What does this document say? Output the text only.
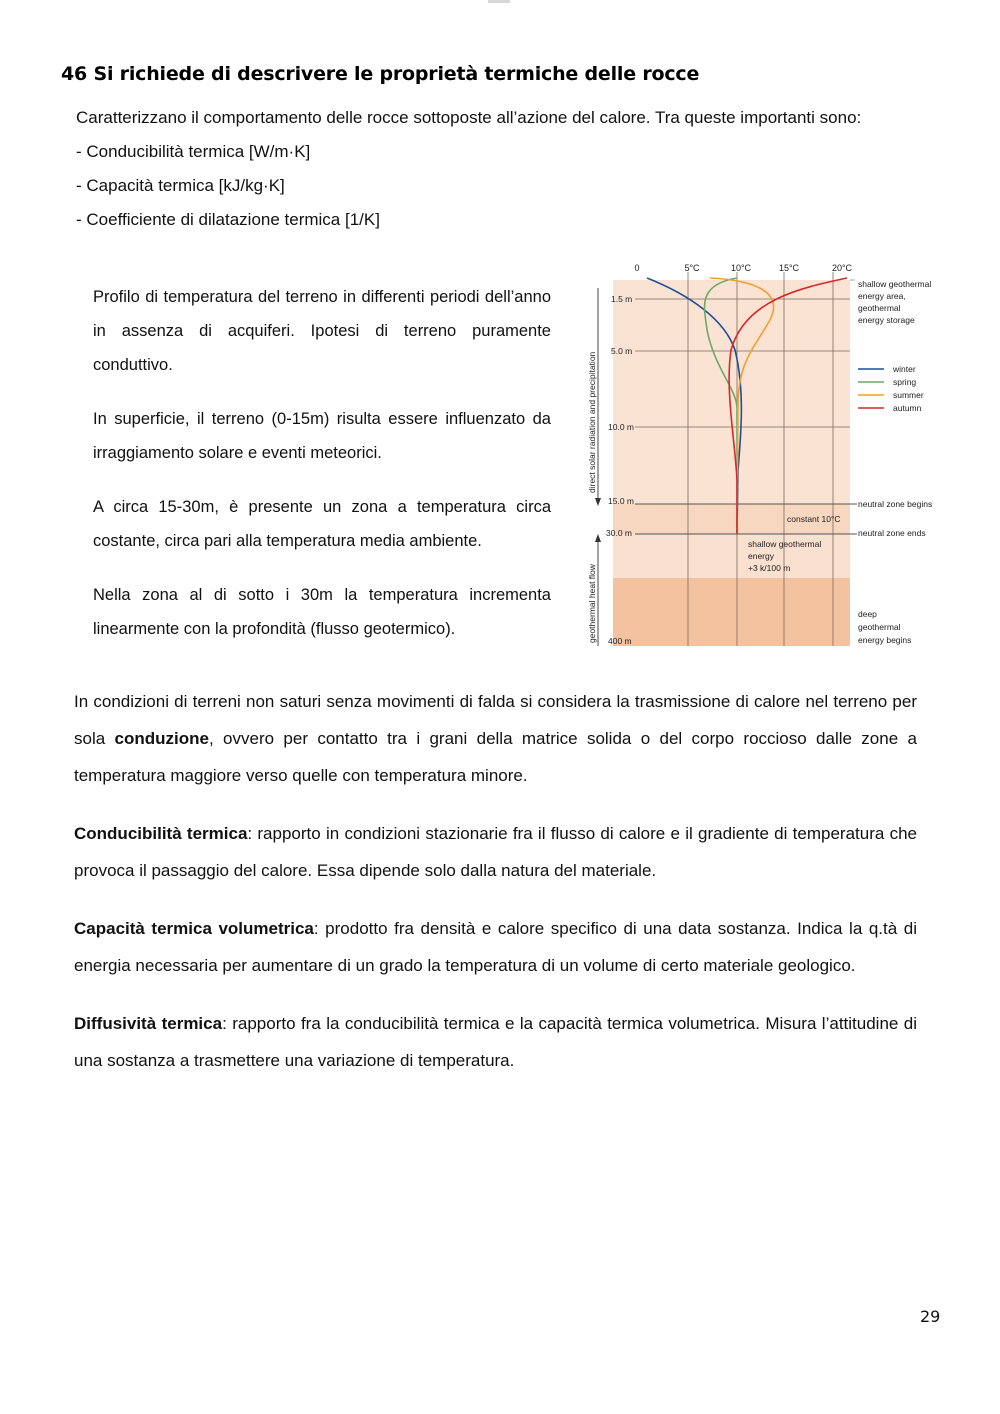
46 Si richiede di descrivere le proprietà termiche delle rocce
Caratterizzano il comportamento delle rocce sottoposte all’azione del calore. Tra queste importanti sono:
- Conducibilità termica [W/m·K]
- Capacità termica [kJ/kg·K]
- Coefficiente di dilatazione termica [1/K]

Profilo di temperatura del terreno in differenti periodi dell’anno in assenza di acquiferi. Ipotesi di terreno puramente conduttivo.

In superficie, il terreno (0-15m) risulta essere influenzato da irraggiamento solare e eventi meteorici.

A circa 15-30m, è presente un zona a temperatura circa costante, circa pari alla temperatura media ambiente.

Nella zona al di sotto i 30m la temperatura incrementa linearmente con la profondità (flusso geotermico).

0	5°C	10°C	15°C	20°C
1.5 m
5.0 m
10.0 m
15.0 m
30.0 m
400 m
direct solar radiation and precipitation
geothermal heat flow
shallow geothermal
energy area,
geothermal
energy storage
winter
spring
summer
autumn
neutral zone begins
neutral zone ends
constant 10°C
shallow geothermal
energy
+3 k/100 m
deep
geothermal
energy begins

In condizioni di terreni non saturi senza movimenti di falda si considera la trasmissione di calore nel terreno per sola conduzione, ovvero per contatto tra i grani della matrice solida o del corpo roccioso dalle zone a temperatura maggiore verso quelle con temperatura minore.

Conducibilità termica: rapporto in condizioni stazionarie fra il flusso di calore e il gradiente di temperatura che provoca il passaggio del calore. Essa dipende solo dalla natura del materiale.

Capacità termica volumetrica: prodotto fra densità e calore specifico di una data sostanza. Indica la q.tà di energia necessaria per aumentare di un grado la temperatura di un volume di certo materiale geologico.

Diffusività termica: rapporto fra la conducibilità termica e la capacità termica volumetrica. Misura l’attitudine di una sostanza a trasmettere una variazione di temperatura.

29
